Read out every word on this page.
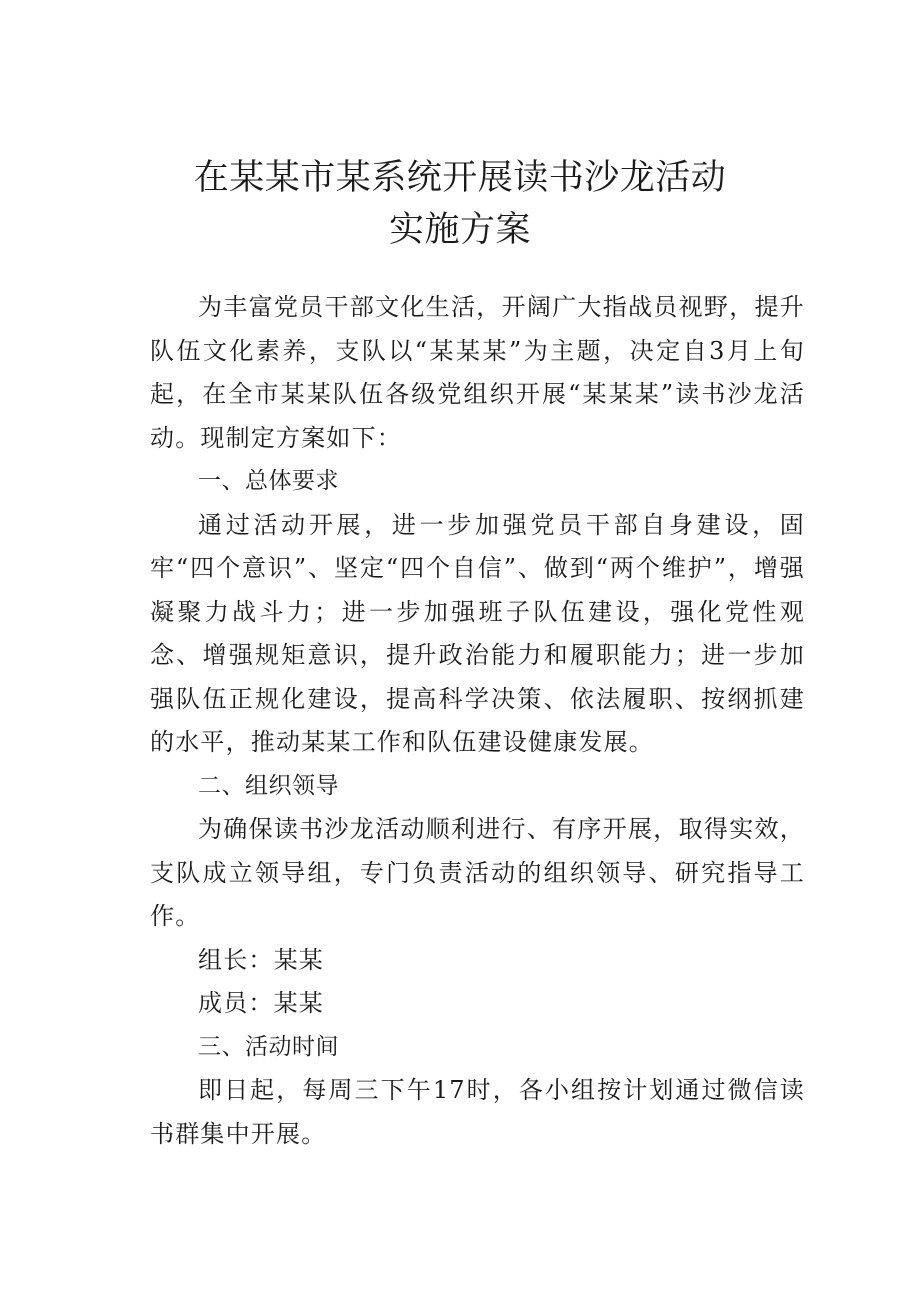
在某某市某系统开展读书沙龙活动

实施方案

为丰富党员干部文化生活，开阔广大指战员视野，提升队伍文化素养，支队以“某某某”为主题，决定自3月上旬起，在全市某某队伍各级党组织开展“某某某”读书沙龙活动。现制定方案如下：

一、总体要求

通过活动开展，进一步加强党员干部自身建设，固牢“四个意识”、坚定“四个自信”、做到“两个维护”，增强凝聚力战斗力；进一步加强班子队伍建设，强化党性观念、增强规矩意识，提升政治能力和履职能力；进一步加强队伍正规化建设，提高科学决策、依法履职、按纲抓建的水平，推动某某工作和队伍建设健康发展。

二、组织领导

为确保读书沙龙活动顺利进行、有序开展，取得实效，支队成立领导组，专门负责活动的组织领导、研究指导工作。

组长：某某

成员：某某

三、活动时间

即日起，每周三下午17时，各小组按计划通过微信读书群集中开展。
